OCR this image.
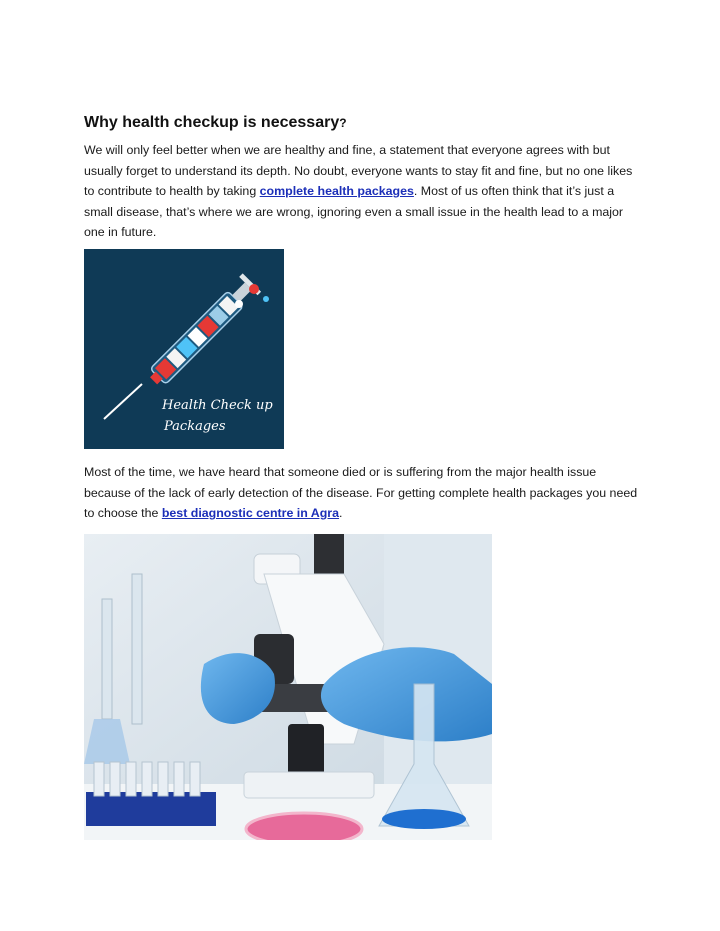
Why health checkup is necessary?

We will only feel better when we are healthy and fine, a statement that everyone agrees with but usually forget to understand its depth. No doubt, everyone wants to stay fit and fine, but no one likes to contribute to health by taking complete health packages. Most of us often think that it’s just a small disease, that’s where we are wrong, ignoring even a small issue in the health lead to a major one in future.

Health Check up
Packages

Most of the time, we have heard that someone died or is suffering from the major health issue because of the lack of early detection of the disease. For getting complete health packages you need to choose the best diagnostic centre in Agra.
